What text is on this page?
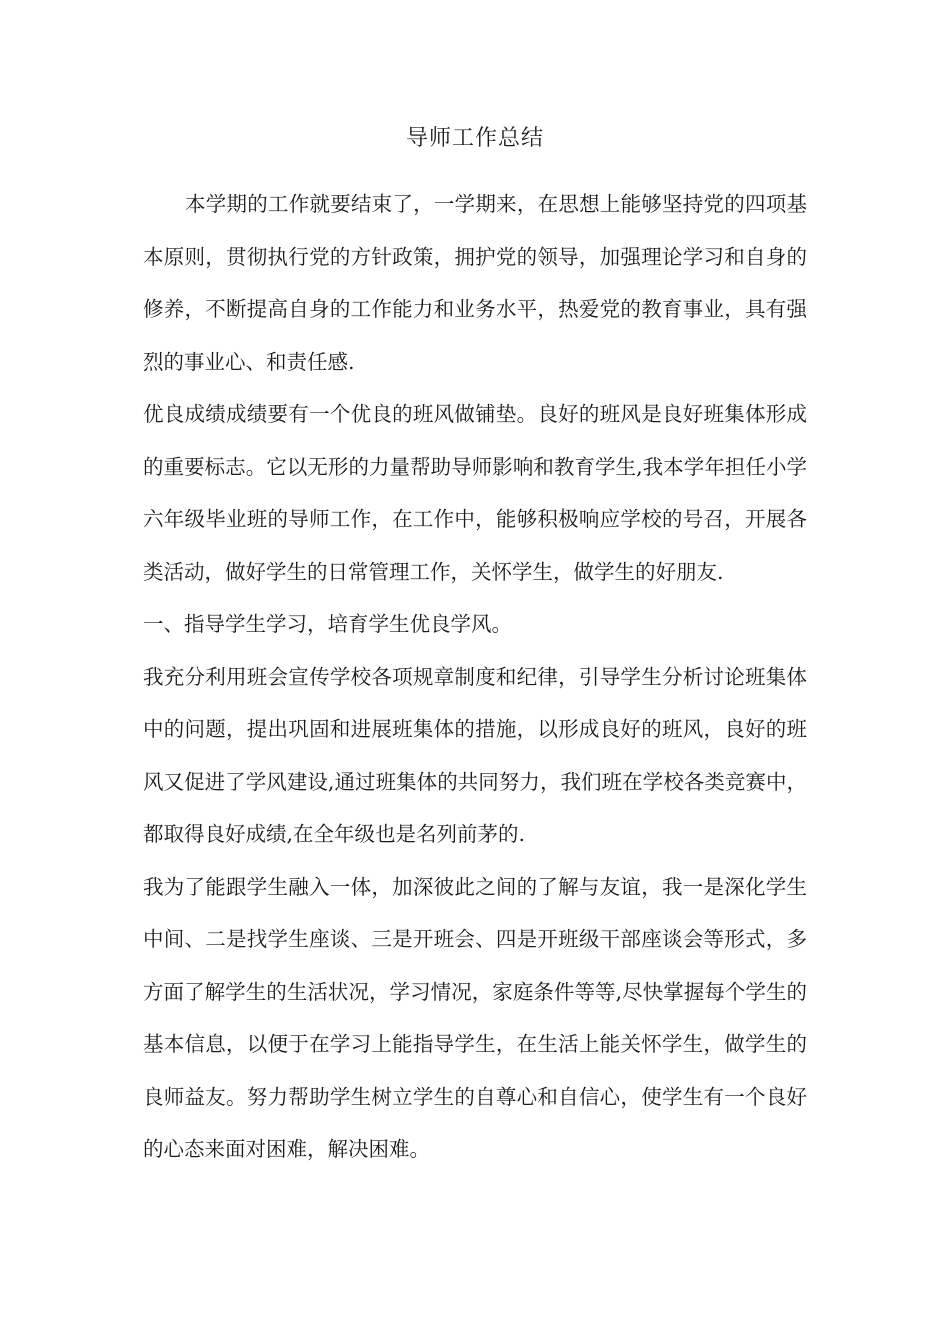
导师工作总结

本学期的工作就要结束了，一学期来，在思想上能够坚持党的四项基本原则，贯彻执行党的方针政策，拥护党的领导，加强理论学习和自身的修养，不断提高自身的工作能力和业务水平，热爱党的教育事业，具有强烈的事业心、和责任感.

优良成绩成绩要有一个优良的班风做铺垫。良好的班风是良好班集体形成的重要标志。它以无形的力量帮助导师影响和教育学生,我本学年担任小学六年级毕业班的导师工作，在工作中，能够积极响应学校的号召，开展各类活动，做好学生的日常管理工作，关怀学生，做学生的好朋友.

一、指导学生学习，培育学生优良学风。

我充分利用班会宣传学校各项规章制度和纪律，引导学生分析讨论班集体中的问题，提出巩固和进展班集体的措施，以形成良好的班风，良好的班风又促进了学风建设,通过班集体的共同努力，我们班在学校各类竞赛中，都取得良好成绩,在全年级也是名列前茅的.

我为了能跟学生融入一体，加深彼此之间的了解与友谊，我一是深化学生中间、二是找学生座谈、三是开班会、四是开班级干部座谈会等形式，多方面了解学生的生活状况，学习情况，家庭条件等等,尽快掌握每个学生的基本信息，以便于在学习上能指导学生，在生活上能关怀学生，做学生的良师益友。努力帮助学生树立学生的自尊心和自信心，使学生有一个良好的心态来面对困难，解决困难。
